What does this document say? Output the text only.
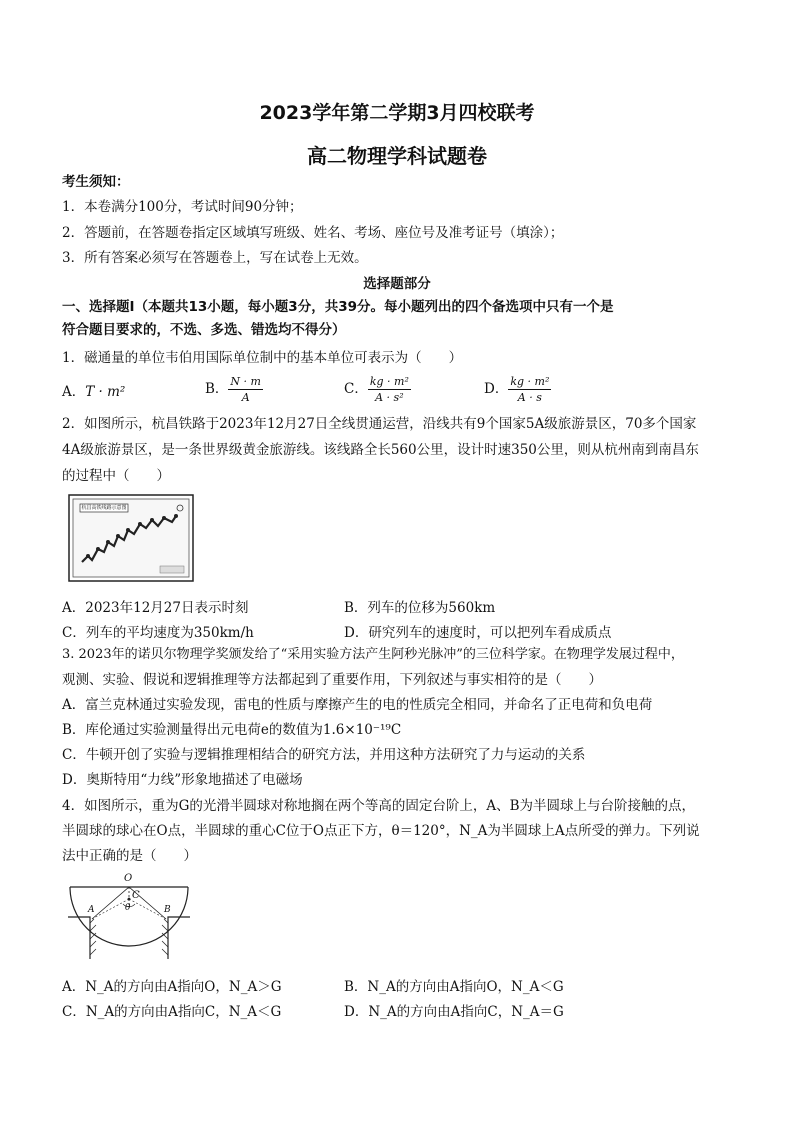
2023学年第二学期3月四校联考
高二物理学科试题卷
考生须知：
1．本卷满分100分，考试时间90分钟；
2．答题前，在答题卷指定区域填写班级、姓名、考场、座位号及准考证号（填涂）；
3．所有答案必须写在答题卷上，写在试卷上无效。
选择题部分
一、选择题Ⅰ（本题共13小题，每小题3分，共39分。每小题列出的四个备选项中只有一个是
符合题目要求的，不选、多选、错选均不得分）
1．磁通量的单位韦伯用国际单位制中的基本单位可表示为（　　）
A．T · m²	B． $\frac{N \cdot m}{A}$	C． $\frac{\text{kg · m²}}{\text{A · s²}}$	D． $\frac{\text{kg · m²}}{A \cdot s}$
2．如图所示，杭昌铁路于2023年12月27日全线贯通运营，沿线共有9个国家5A级旅游景区，70多个国家
4A级旅游景区，是一条世界级黄金旅游线。该线路全长560公里，设计时速350公里，则从杭州南到南昌东
的过程中（　　）
杭昌高铁线路示意图
A．2023年12月27日表示时刻	B．列车的位移为560km
C．列车的平均速度为350km/h	D．研究列车的速度时，可以把列车看成质点
3. 2023年的诺贝尔物理学奖颁发给了“采用实验方法产生阿秒光脉冲”的三位科学家。在物理学发展过程中，
观测、实验、假说和逻辑推理等方法都起到了重要作用，下列叙述与事实相符的是（　　）
A．富兰克林通过实验发现，雷电的性质与摩擦产生的电的性质完全相同，并命名了正电荷和负电荷
B．库伦通过实验测量得出元电荷e的数值为1.6×10⁻¹⁹C
C．牛顿开创了实验与逻辑推理相结合的研究方法，并用这种方法研究了力与运动的关系
D．奥斯特用“力线”形象地描述了电磁场
4．如图所示，重为G的光滑半圆球对称地搁在两个等高的固定台阶上，A、B为半圆球上与台阶接触的点，
半圆球的球心在O点，半圆球的重心C位于O点正下方，θ＝120°，N_A为半圆球上A点所受的弹力。下列说
法中正确的是（　　）
O
C
θ
A	B
A．N_A的方向由A指向O，N_A＞G	B．N_A的方向由A指向O，N_A＜G
C．N_A的方向由A指向C，N_A＜G	D．N_A的方向由A指向C，N_A＝G
